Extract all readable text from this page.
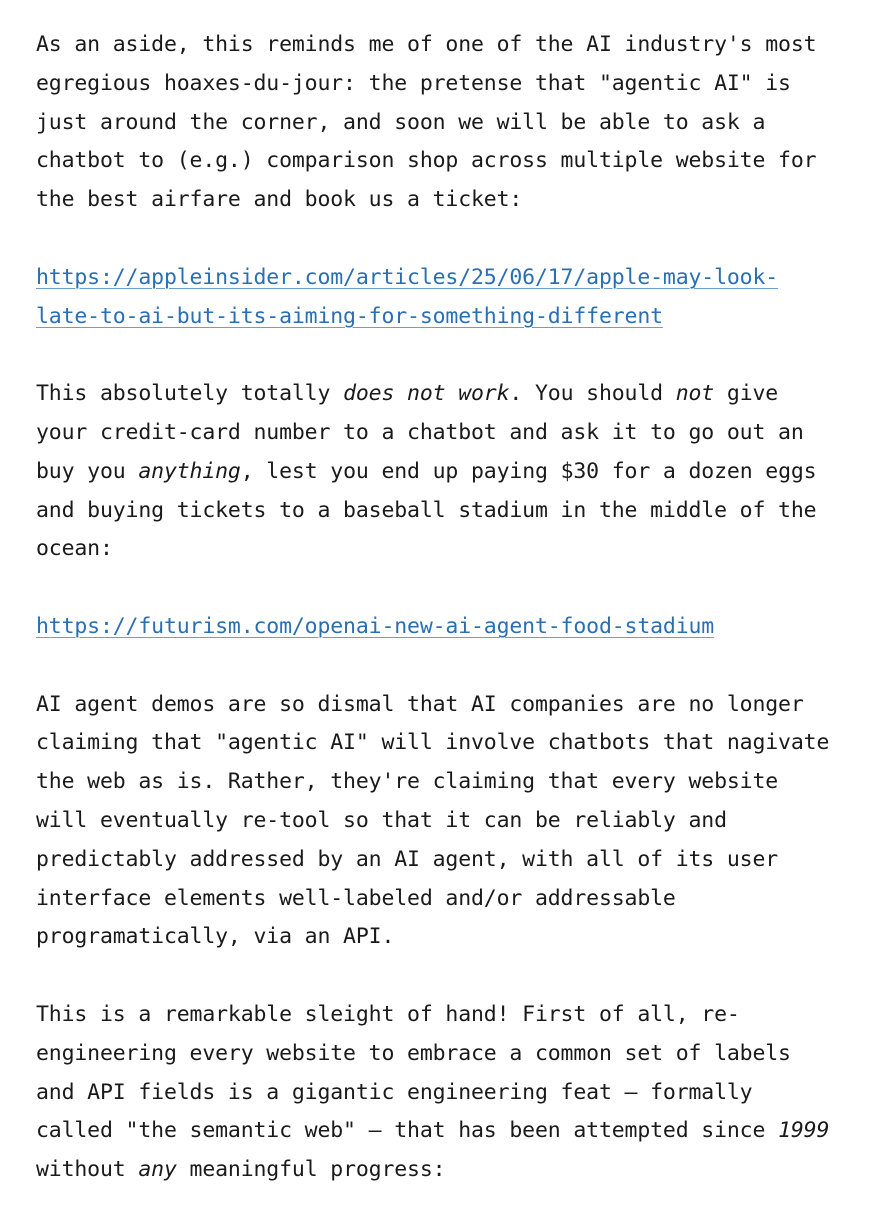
As an aside, this reminds me of one of the AI industry's most
egregious hoaxes-du-jour: the pretense that "agentic AI" is
just around the corner, and soon we will be able to ask a
chatbot to (e.g.) comparison shop across multiple website for
the best airfare and book us a ticket:

https://appleinsider.com/articles/25/06/17/apple-may-look-
late-to-ai-but-its-aiming-for-something-different

This absolutely totally does not work. You should not give
your credit-card number to a chatbot and ask it to go out an
buy you anything, lest you end up paying $30 for a dozen eggs
and buying tickets to a baseball stadium in the middle of the
ocean:

https://futurism.com/openai-new-ai-agent-food-stadium

AI agent demos are so dismal that AI companies are no longer
claiming that "agentic AI" will involve chatbots that nagivate
the web as is. Rather, they're claiming that every website
will eventually re-tool so that it can be reliably and
predictably addressed by an AI agent, with all of its user
interface elements well-labeled and/or addressable
programatically, via an API.

This is a remarkable sleight of hand! First of all, re-
engineering every website to embrace a common set of labels
and API fields is a gigantic engineering feat – formally
called "the semantic web" – that has been attempted since 1999
without any meaningful progress:
